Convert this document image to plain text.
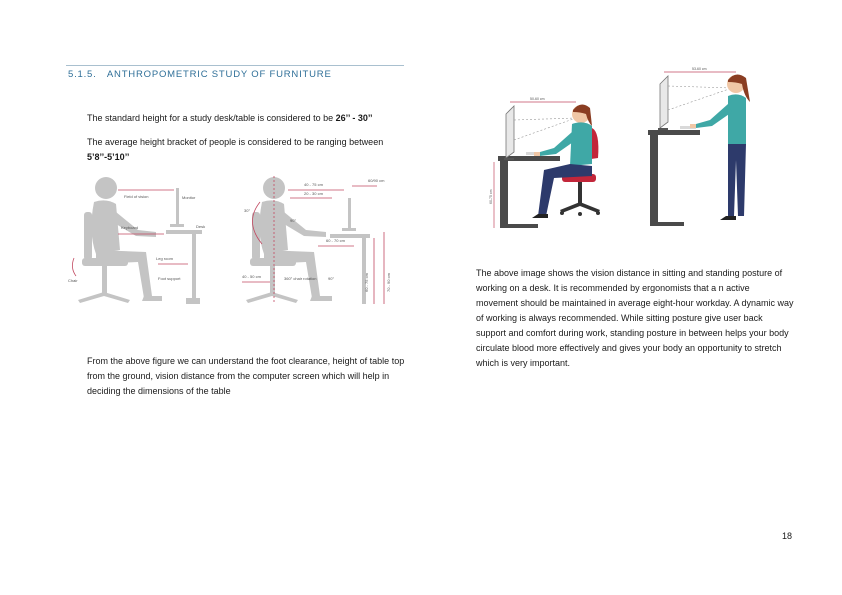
5.1.5. ANTHROPOMETRIC STUDY OF FURNITURE
The standard height for a study desk/table is considered to be 26’’ - 30’’
The average height bracket of people is considered to be ranging between 5’8’’-5’10’’
Field of vision	Monitor
Keyboard	Desk
Leg room
Foot support
Chair
40 - 75 cm
20 - 30 cm
60/90 cm
30°
90°
60 - 70 cm
40 - 50 cm	360° chair rotation	90°	60 - 75 cm	70 - 90 cm
From the above figure we can understand the foot clearance, height of table top from the ground, vision distance from the computer screen which will help in deciding the dimensions of the table
50-60 cm
60-75 cm
53-60 cm
The above image shows the vision distance in sitting and standing posture of working on a desk. It is recommended by ergonomists that a n active movement should be maintained in average eight-hour workday. A dynamic way of working is always recommended. While sitting posture give user back support and comfort during work, standing posture in between helps your body circulate blood more effectively and gives your body an opportunity to stretch which is very important.
18
